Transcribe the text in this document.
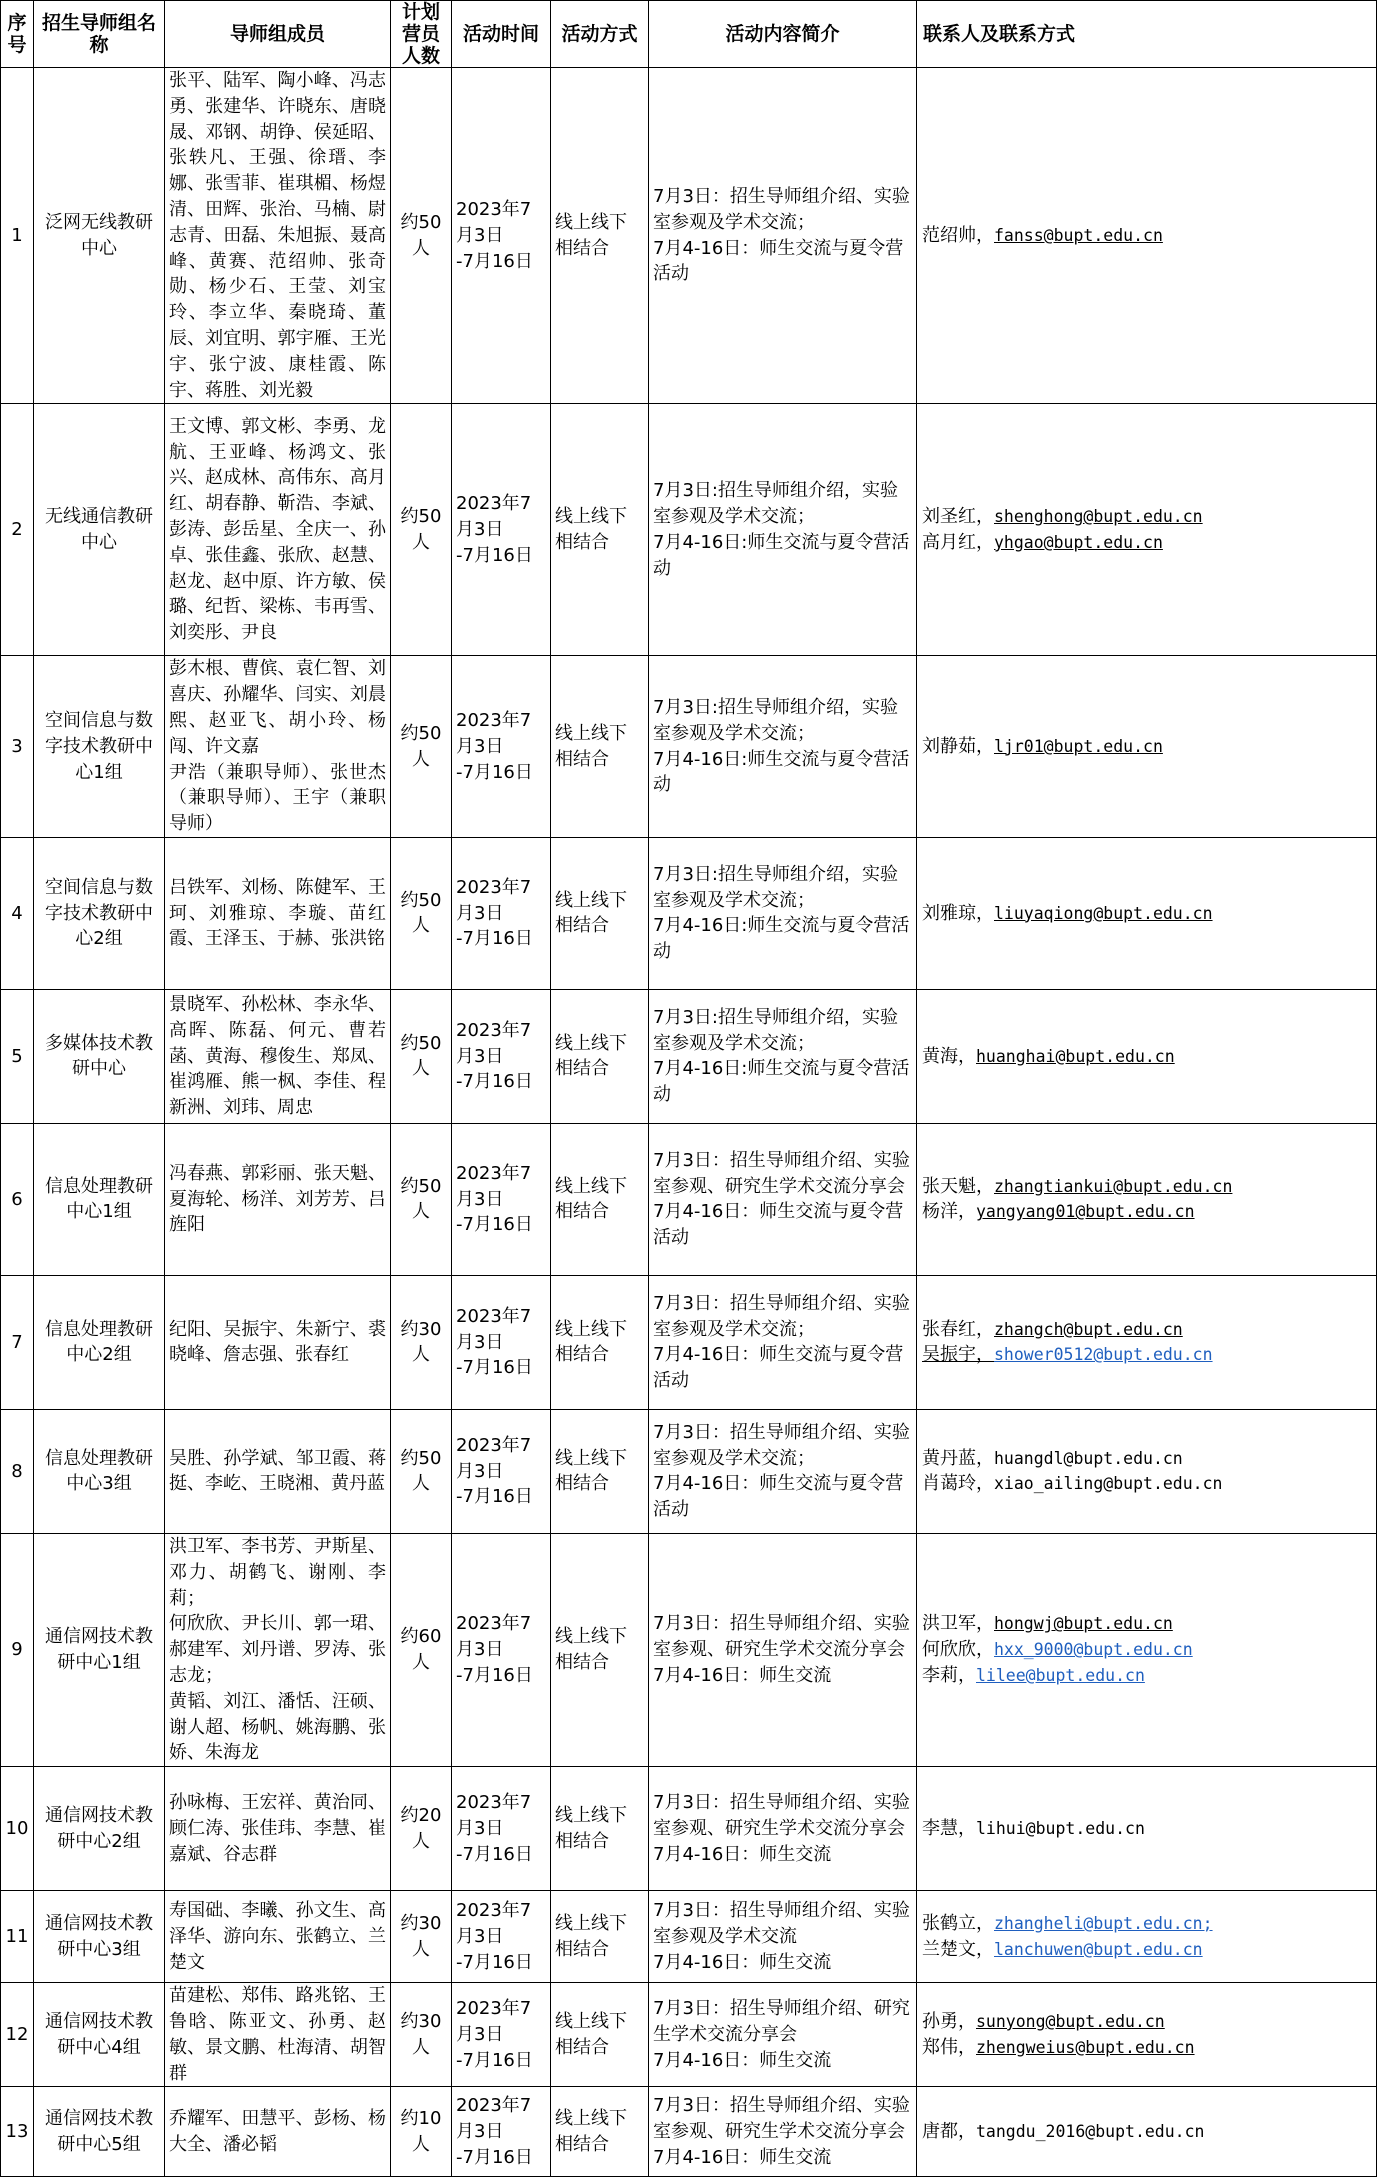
序号	招生导师组名称	导师组成员	计划营员人数	活动时间	活动方式	活动内容简介	联系人及联系方式
1	泛网无线教研中心	张平、陆军、陶小峰、冯志勇、张建华、许晓东、唐晓晟、邓钢、胡铮、侯延昭、张轶凡、王强、徐瑨、李娜、张雪菲、崔琪楣、杨煜清、田辉、张治、马楠、尉志青、田磊、朱旭振、聂高峰、黄赛、范绍帅、张奇勋、杨少石、王莹、刘宝玲、李立华、秦晓琦、董辰、刘宜明、郭宇雁、王光宇、张宁波、康桂霞、陈宇、蒋胜、刘光毅	约50人	2023年7月3日
-7月16日	线上线下相结合	7月3日：招生导师组介绍、实验室参观及学术交流；
7月4-16日：师生交流与夏令营活动	范绍帅，fanss@bupt.edu.cn

2	无线通信教研中心	王文博、郭文彬、李勇、龙航、王亚峰、杨鸿文、张兴、赵成林、高伟东、高月红、胡春静、靳浩、李斌、彭涛、彭岳星、全庆一、孙卓、张佳鑫、张欣、赵慧、赵龙、赵中原、许方敏、侯璐、纪哲、梁栋、韦再雪、刘奕彤、尹良	约50人	2023年7月3日
-7月16日	线上线下相结合	7月3日:招生导师组介绍，实验室参观及学术交流；
7月4-16日:师生交流与夏令营活动	刘圣红，shenghong@bupt.edu.cn
高月红，yhgao@bupt.edu.cn

3	空间信息与数字技术教研中心1组	彭木根、曹傧、袁仁智、刘喜庆、孙耀华、闫实、刘晨熙、赵亚飞、胡小玲、杨闯、许文嘉
尹浩（兼职导师）、张世杰（兼职导师）、王宇（兼职导师）	约50人	2023年7月3日
-7月16日	线上线下相结合	7月3日:招生导师组介绍，实验室参观及学术交流；
7月4-16日:师生交流与夏令营活动	刘静茹，ljr01@bupt.edu.cn

4	空间信息与数字技术教研中心2组	吕铁军、刘杨、陈健军、王珂、刘雅琼、李璇、苗红霞、王泽玉、于赫、张洪铭	约50人	2023年7月3日
-7月16日	线上线下相结合	7月3日:招生导师组介绍，实验室参观及学术交流；
7月4-16日:师生交流与夏令营活动	刘雅琼，liuyaqiong@bupt.edu.cn

5	多媒体技术教研中心	景晓军、孙松林、李永华、高晖、陈磊、何元、曹若菡、黄海、穆俊生、郑凤、崔鸿雁、熊一枫、李佳、程新洲、刘玮、周忠	约50人	2023年7月3日
-7月16日	线上线下相结合	7月3日:招生导师组介绍，实验室参观及学术交流；
7月4-16日:师生交流与夏令营活动	黄海，huanghai@bupt.edu.cn

6	信息处理教研中心1组	冯春燕、郭彩丽、张天魁、夏海轮、杨洋、刘芳芳、吕旌阳	约50人	2023年7月3日
-7月16日	线上线下相结合	7月3日：招生导师组介绍、实验室参观、研究生学术交流分享会
7月4-16日：师生交流与夏令营活动	张天魁，zhangtiankui@bupt.edu.cn
杨洋，yangyang01@bupt.edu.cn

7	信息处理教研中心2组	纪阳、吴振宇、朱新宁、裘晓峰、詹志强、张春红	约30人	2023年7月3日
-7月16日	线上线下相结合	7月3日：招生导师组介绍、实验室参观及学术交流；
7月4-16日：师生交流与夏令营活动	张春红，zhangch@bupt.edu.cn
吴振宇，shower0512@bupt.edu.cn

8	信息处理教研中心3组	吴胜、孙学斌、邹卫霞、蒋挺、李屹、王晓湘、黄丹蓝	约50人	2023年7月3日
-7月16日	线上线下相结合	7月3日：招生导师组介绍、实验室参观及学术交流；
7月4-16日：师生交流与夏令营活动	黄丹蓝，huangdl@bupt.edu.cn
肖蔼玲，xiao_ailing@bupt.edu.cn

9	通信网技术教研中心1组	洪卫军、李书芳、尹斯星、邓力、胡鹤飞、谢刚、李莉；
何欣欣、尹长川、郭一珺、郝建军、刘丹谱、罗涛、张志龙；
黄韬、刘江、潘恬、汪硕、谢人超、杨帆、姚海鹏、张娇、朱海龙	约60人	2023年7月3日
-7月16日	线上线下相结合	7月3日：招生导师组介绍、实验室参观、研究生学术交流分享会
7月4-16日：师生交流	洪卫军，hongwj@bupt.edu.cn
何欣欣，hxx_9000@bupt.edu.cn
李莉，lilee@bupt.edu.cn

10	通信网技术教研中心2组	孙咏梅、王宏祥、黄治同、顾仁涛、张佳玮、李慧、崔嘉斌、谷志群	约20人	2023年7月3日
-7月16日	线上线下相结合	7月3日：招生导师组介绍、实验室参观、研究生学术交流分享会
7月4-16日：师生交流	李慧，lihui@bupt.edu.cn

11	通信网技术教研中心3组	寿国础、李曦、孙文生、高泽华、游向东、张鹤立、兰楚文	约30人	2023年7月3日
-7月16日	线上线下相结合	7月3日：招生导师组介绍、实验室参观及学术交流
7月4-16日：师生交流	张鹤立，zhangheli@bupt.edu.cn;
兰楚文，lanchuwen@bupt.edu.cn

12	通信网技术教研中心4组	苗建松、郑伟、路兆铭、王鲁晗、陈亚文、孙勇、赵敏、景文鹏、杜海清、胡智群	约30人	2023年7月3日
-7月16日	线上线下相结合	7月3日：招生导师组介绍、研究生学术交流分享会
7月4-16日：师生交流	孙勇，sunyong@bupt.edu.cn
郑伟，zhengweius@bupt.edu.cn

13	通信网技术教研中心5组	乔耀军、田慧平、彭杨、杨大全、潘必韬	约10人	2023年7月3日
-7月16日	线上线下相结合	7月3日：招生导师组介绍、实验室参观、研究生学术交流分享会
7月4-16日：师生交流	唐都，tangdu_2016@bupt.edu.cn
